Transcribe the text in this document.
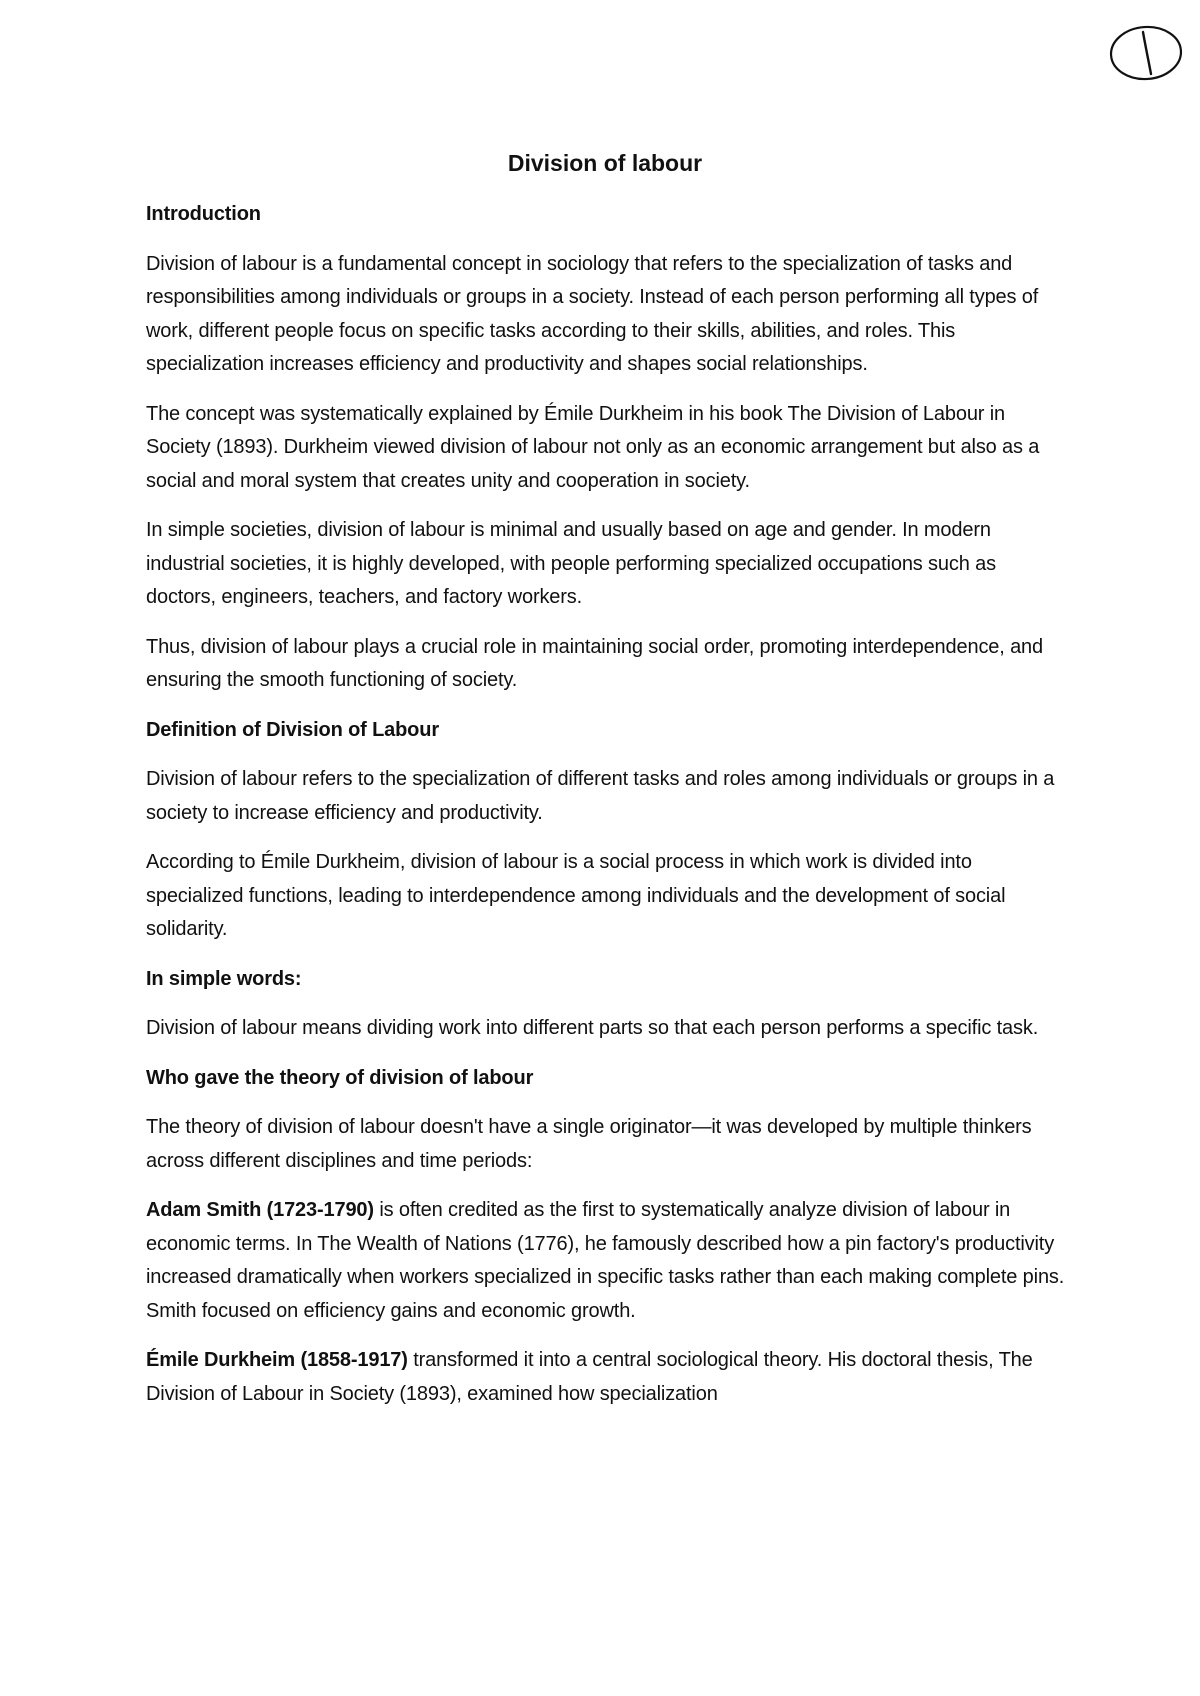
1
Division of labour
Introduction

Division of labour is a fundamental concept in sociology that refers to the specialization of tasks and responsibilities among individuals or groups in a society. Instead of each person performing all types of work, different people focus on specific tasks according to their skills, abilities, and roles. This specialization increases efficiency and productivity and shapes social relationships.

The concept was systematically explained by Émile Durkheim in his book The Division of Labour in Society (1893). Durkheim viewed division of labour not only as an economic arrangement but also as a social and moral system that creates unity and cooperation in society.

In simple societies, division of labour is minimal and usually based on age and gender. In modern industrial societies, it is highly developed, with people performing specialized occupations such as doctors, engineers, teachers, and factory workers.

Thus, division of labour plays a crucial role in maintaining social order, promoting interdependence, and ensuring the smooth functioning of society.

Definition of Division of Labour

Division of labour refers to the specialization of different tasks and roles among individuals or groups in a society to increase efficiency and productivity.

According to Émile Durkheim, division of labour is a social process in which work is divided into specialized functions, leading to interdependence among individuals and the development of social solidarity.

In simple words:

Division of labour means dividing work into different parts so that each person performs a specific task.

Who gave the theory of division of labour

The theory of division of labour doesn't have a single originator—it was developed by multiple thinkers across different disciplines and time periods:

Adam Smith (1723-1790) is often credited as the first to systematically analyze division of labour in economic terms. In The Wealth of Nations (1776), he famously described how a pin factory's productivity increased dramatically when workers specialized in specific tasks rather than each making complete pins. Smith focused on efficiency gains and economic growth.

Émile Durkheim (1858-1917) transformed it into a central sociological theory. His doctoral thesis, The Division of Labour in Society (1893), examined how specialization
